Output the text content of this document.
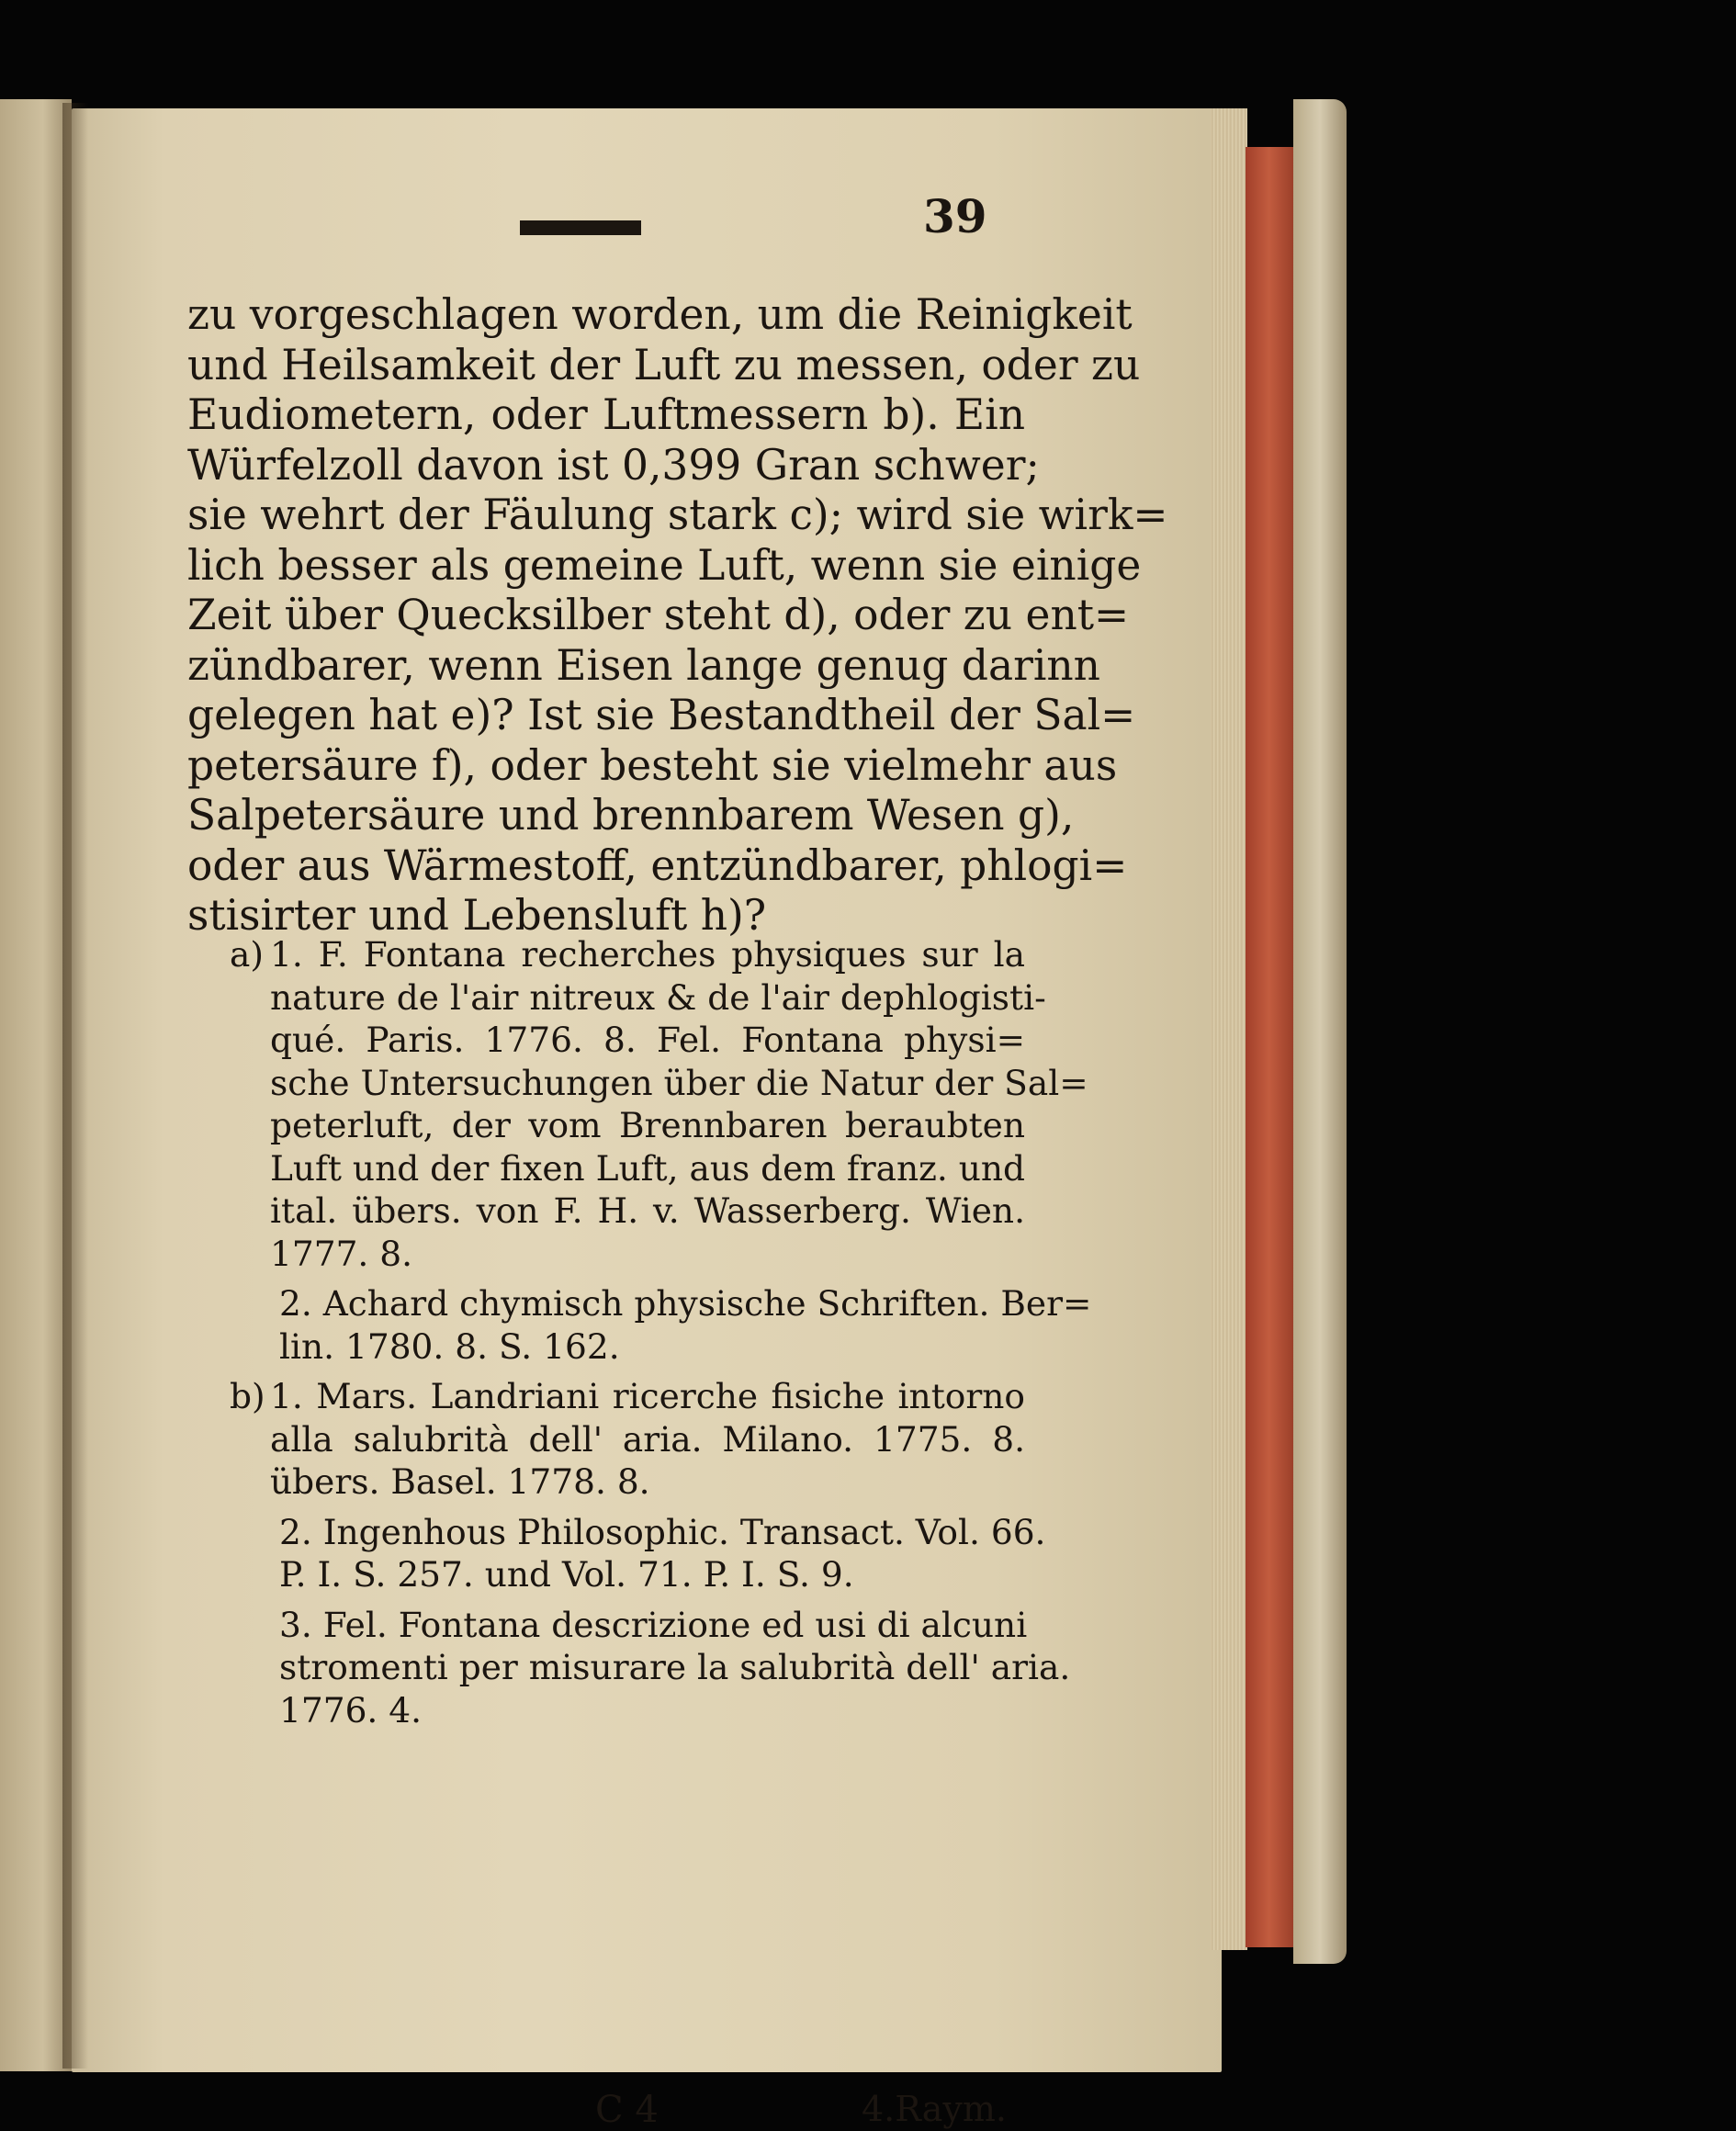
39
zu vorgeschlagen worden, um die Reinigkeit
und Heilsamkeit der Luft zu messen, oder zu
Eudiometern, oder Luftmessern b). Ein
Würfelzoll davon ist 0,399 Gran schwer;
sie wehrt der Fäulung stark c); wird sie wirk=
lich besser als gemeine Luft, wenn sie einige
Zeit über Quecksilber steht d), oder zu ent=
zündbarer, wenn Eisen lange genug darinn
gelegen hat e)? Ist sie Bestandtheil der Sal=
petersäure f), oder besteht sie vielmehr aus
Salpetersäure und brennbarem Wesen g),
oder aus Wärmestoff, entzündbarer, phlogi=
stisirter und Lebensluft h)?
a) 1. F. Fontana recherches physiques sur la
nature de l'air nitreux & de l'air dephlogisti-
qué. Paris. 1776. 8. Fel. Fontana physi=
sche Untersuchungen über die Natur der Sal=
peterluft, der vom Brennbaren beraubten
Luft und der fixen Luft, aus dem franz. und
ital. übers. von F. H. v. Wasserberg. Wien.
1777. 8.
2. Achard chymisch physische Schriften. Ber=
lin. 1780. 8. S. 162.
b) 1. Mars. Landriani ricerche fisiche intorno
alla salubrità dell' aria. Milano. 1775. 8.
übers. Basel. 1778. 8.
2. Ingenhous Philosophic. Transact. Vol. 66.
P. I. S. 257. und Vol. 71. P. I. S. 9.
3. Fel. Fontana descrizione ed usi di alcuni
stromenti per misurare la salubrità dell' aria.
1776. 4.
C 4	4.Raym.
